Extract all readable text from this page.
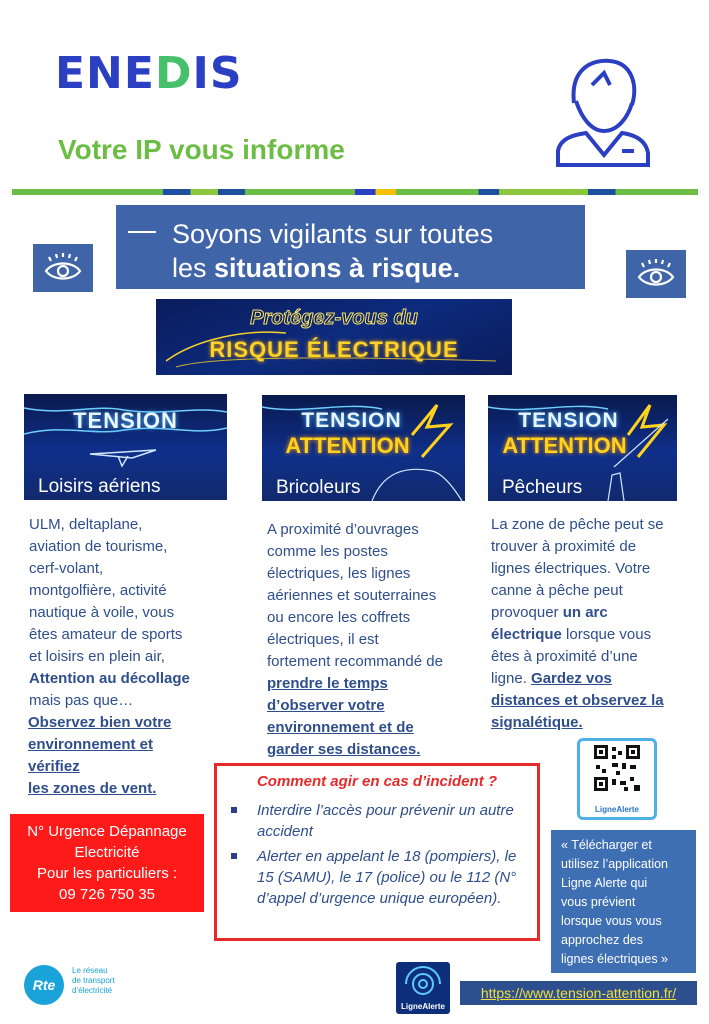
ENEDIS
Votre IP vous informe
Soyons vigilants sur toutes
les situations à risque.
Protégez-vous du
RISQUE ÉLECTRIQUE
TENSION
Loisirs aériens
TENSION
ATTENTION
Bricoleurs
TENSION
ATTENTION
Pêcheurs
ULM, deltaplane,
aviation de tourisme,
cerf-volant,
montgolfière, activité
nautique à voile, vous
êtes amateur de sports
et loisirs en plein air,
Attention au décollage
mais pas que…
Observez bien votre
environnement et
vérifiez
les zones de vent.
A proximité d’ouvrages
comme les postes
électriques, les lignes
aériennes et souterraines
ou encore les coffrets
électriques, il est
fortement recommandé de
prendre le temps
d’observer votre
environnement et de
garder ses distances.
La zone de pêche peut se
trouver à proximité de
lignes électriques. Votre
canne à pêche peut
provoquer un arc
électrique lorsque vous
êtes à proximité d’une
ligne. Gardez vos
distances et observez la
signalétique.
N° Urgence Dépannage
Electricité
Pour les particuliers :
09 726 750 35
Comment agir en cas d’incident ?
Interdire l’accès pour prévenir un autre accident
Alerter en appelant le 18 (pompiers), le 15 (SAMU), le 17 (police) ou le 112 (N° d’appel d’urgence unique européen).
LigneAlerte
« Télécharger et
utilisez l’application
Ligne Alerte qui
vous prévient
lorsque vous vous
approchez des
lignes électriques »
Rte
Le réseau
de transport
d’électricité
LigneAlerte
https://www.tension-attention.fr/
